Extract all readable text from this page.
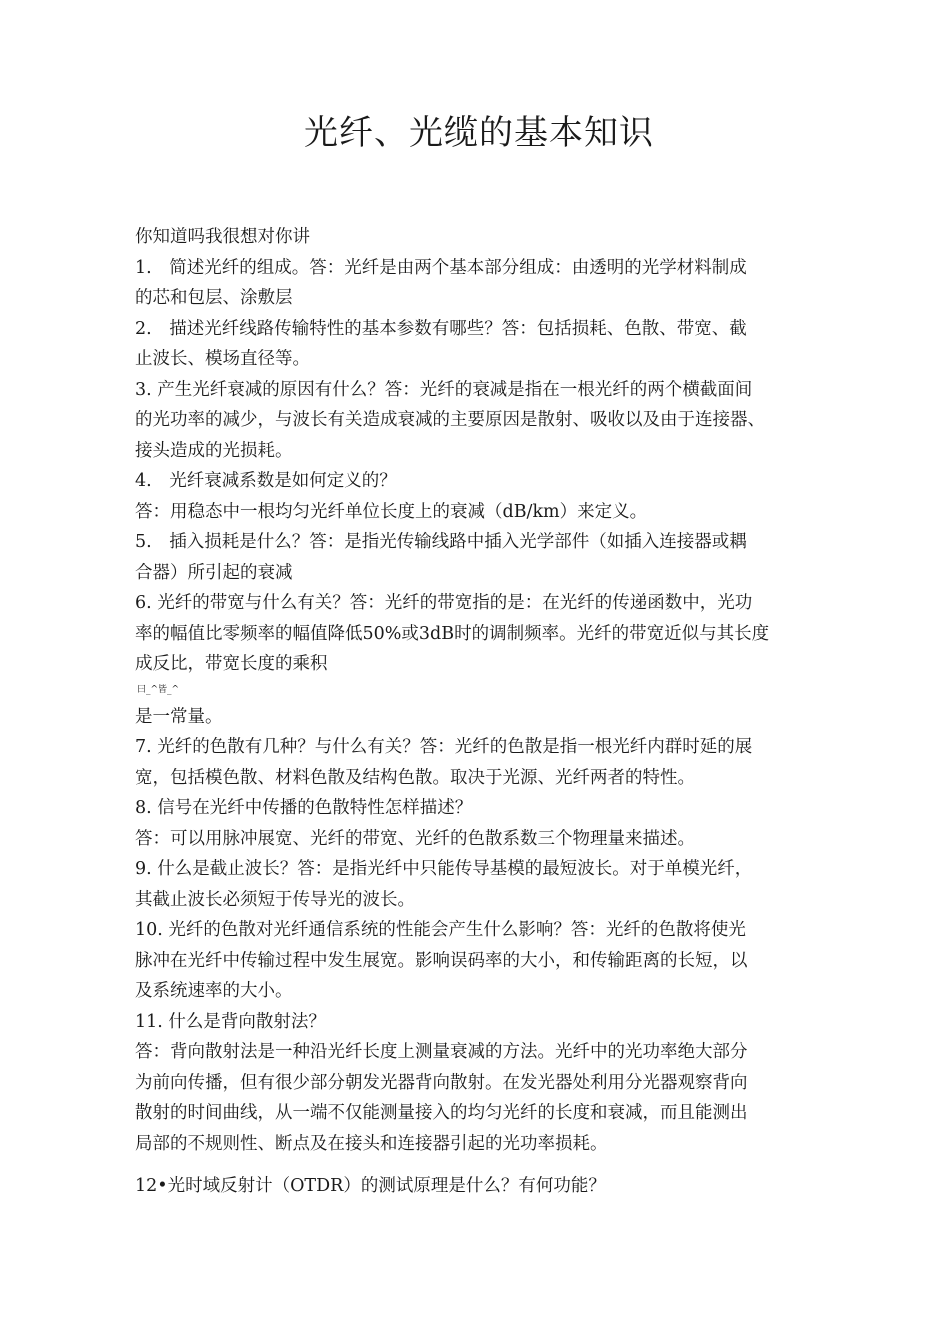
光纤、光缆的基本知识
你知道吗我很想对你讲
1.　简述光纤的组成。答：光纤是由两个基本部分组成：由透明的光学材料制成
的芯和包层、涂敷层
2.　描述光纤线路传输特性的基本参数有哪些？答：包括损耗、色散、带宽、截
止波长、模场直径等。
3. 产生光纤衰减的原因有什么？答：光纤的衰减是指在一根光纤的两个横截面间
的光功率的减少，与波长有关造成衰减的主要原因是散射、吸收以及由于连接器、
接头造成的光损耗。
4.　光纤衰减系数是如何定义的？
答：用稳态中一根均匀光纤单位长度上的衰减（dB/km）来定义。
5.　插入损耗是什么？答：是指光传输线路中插入光学部件（如插入连接器或耦
合器）所引起的衰减
6. 光纤的带宽与什么有关？答：光纤的带宽指的是：在光纤的传递函数中，光功
率的幅值比零频率的幅值降低50%或3dB时的调制频率。光纤的带宽近似与其长度
成反比，带宽长度的乘积
曰_^皆_^
是一常量。
7. 光纤的色散有几种？与什么有关？答：光纤的色散是指一根光纤内群时延的展
宽，包括模色散、材料色散及结构色散。取决于光源、光纤两者的特性。
8. 信号在光纤中传播的色散特性怎样描述？
答：可以用脉冲展宽、光纤的带宽、光纤的色散系数三个物理量来描述。
9. 什么是截止波长？答：是指光纤中只能传导基模的最短波长。对于单模光纤，
其截止波长必须短于传导光的波长。
10. 光纤的色散对光纤通信系统的性能会产生什么影响？答：光纤的色散将使光
脉冲在光纤中传输过程中发生展宽。影响误码率的大小，和传输距离的长短，以
及系统速率的大小。
11. 什么是背向散射法？
答：背向散射法是一种沿光纤长度上测量衰减的方法。光纤中的光功率绝大部分
为前向传播，但有很少部分朝发光器背向散射。在发光器处利用分光器观察背向
散射的时间曲线，从一端不仅能测量接入的均匀光纤的长度和衰减，而且能测出
局部的不规则性、断点及在接头和连接器引起的光功率损耗。
12•光时域反射计（OTDR）的测试原理是什么？有何功能？
